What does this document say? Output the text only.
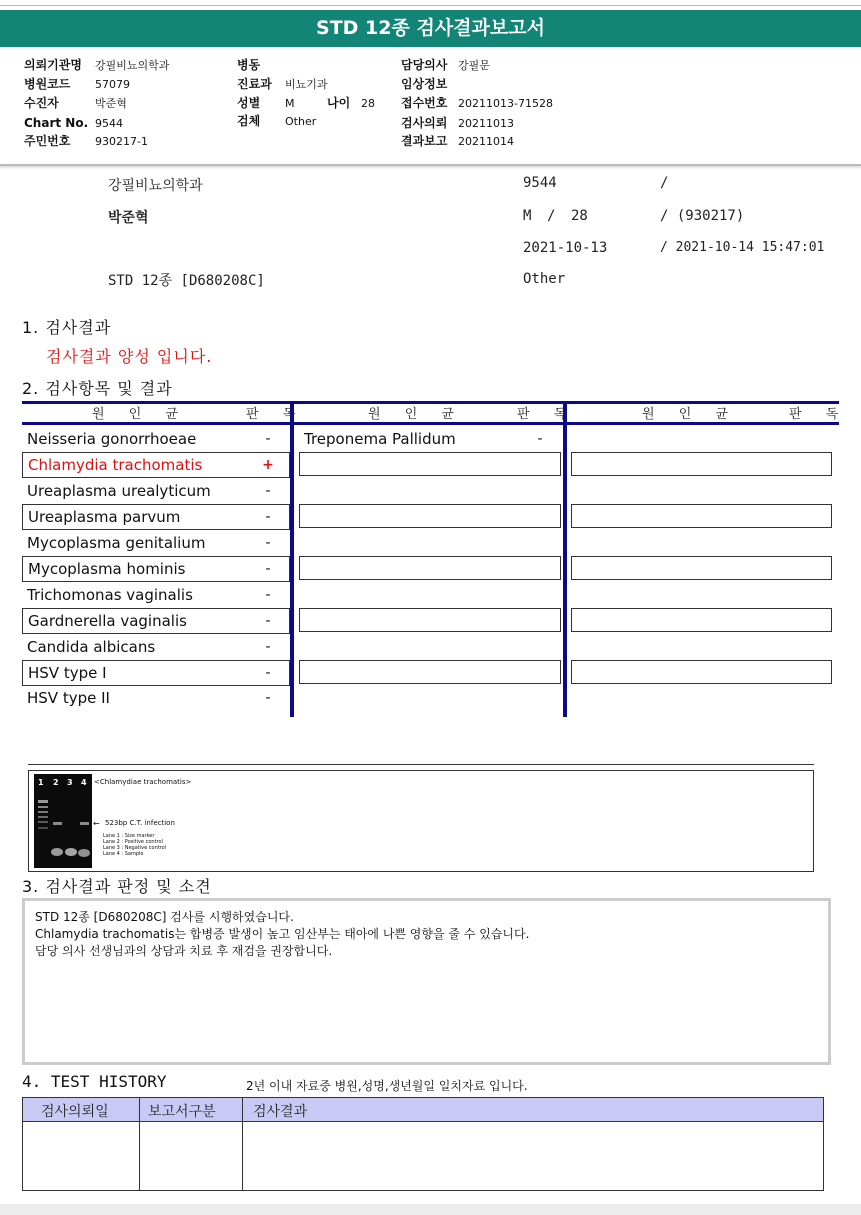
STD 12종 검사결과보고서
의뢰기관명 강필비뇨의학과
병원코드 57079
수진자	박준혁
Chart No. 9544
주민번호 930217-1
병동
진료과 비뇨기과
성별 M	나이 28
검체 Other
담당의사 강필문
임상정보
접수번호 20211013-71528
검사의뢰 20211013
결과보고 20211014
강필비뇨의학과	9544	/
박준혁	M / 28	/ (930217)
2021-10-13	/ 2021-10-14 15:47:01
STD 12종 [D680208C]	Other
1. 검사결과
검사결과 양성 입니다.
2. 검사항목 및 결과
원 인 균	판 독	원 인 균	판 독	원 인 균	판 독
Neisseria gonorrhoeae	-
Chlamydia trachomatis	+
Ureaplasma urealyticum	-
Ureaplasma parvum	-
Mycoplasma genitalium	-
Mycoplasma hominis	-
Trichomonas vaginalis	-
Gardnerella vaginalis	-
Candida albicans	-
HSV type I	-
HSV type II	-
Treponema Pallidum	-
1 2 3 4 <Chlamydiae trachomatis>
← 523bp C.T. infection
Lane 1 : Size marker
Lane 2 : Positive control
Lane 3 : Negative control
Lane 4 : Sample
3. 검사결과 판정 및 소견
STD 12종 [D680208C] 검사를 시행하였습니다.
Chlamydia trachomatis는 합병증 발생이 높고 임산부는 태아에 나쁜 영향을 줄 수 있습니다.
담당 의사 선생님과의 상담과 치료 후 재검을 권장합니다.
4. TEST HISTORY	2년 이내 자료중 병원,성명,생년월일 일치자료 입니다.
검사의뢰일	보고서구분	검사결과
